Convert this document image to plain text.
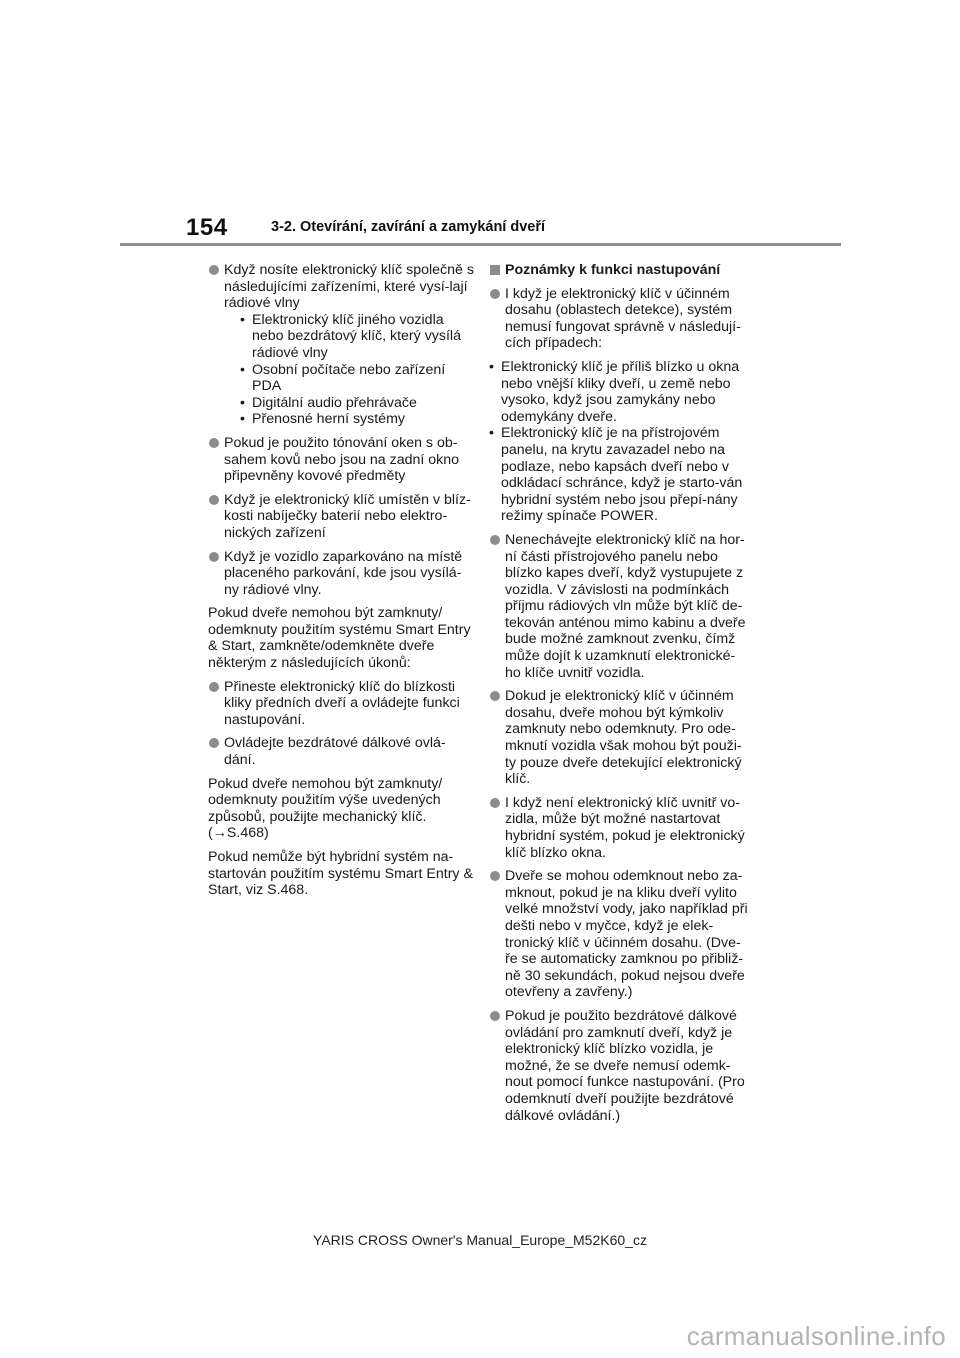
154	3-2. Otevírání, zavírání a zamykání dveří
Když nosíte elektronický klíč společně s následujícími zařízeními, které vysí-lají rádiové vlny
• Elektronický klíč jiného vozidla nebo bezdrátový klíč, který vysílá rádiové vlny
• Osobní počítače nebo zařízení PDA
• Digitální audio přehrávače
• Přenosné herní systémy
Pokud je použito tónování oken s ob-sahem kovů nebo jsou na zadní okno připevněny kovové předměty
Když je elektronický klíč umístěn v blíz-kosti nabíječky baterií nebo elektro-nických zařízení
Když je vozidlo zaparkováno na místě placeného parkování, kde jsou vysílá-ny rádiové vlny.
Pokud dveře nemohou být zamknuty/ odemknuty použitím systému Smart Entry & Start, zamkněte/odemkněte dveře některým z následujících úkonů:
Přineste elektronický klíč do blízkosti kliky předních dveří a ovládejte funkci nastupování.
Ovládejte bezdrátové dálkové ovlá-dání.
Pokud dveře nemohou být zamknuty/ odemknuty použitím výše uvedených způsobů, použijte mechanický klíč. (→S.468)
Pokud nemůže být hybridní systém na-startován použitím systému Smart Entry & Start, viz S.468.
Poznámky k funkci nastupování
I když je elektronický klíč v účinném dosahu (oblastech detekce), systém nemusí fungovat správně v následují-cích případech:
• Elektronický klíč je příliš blízko u okna nebo vnější kliky dveří, u země nebo vysoko, když jsou zamykány nebo odemykány dveře.
• Elektronický klíč je na přístrojovém panelu, na krytu zavazadel nebo na podlaze, nebo kapsách dveří nebo v odkládací schránce, když je starto-ván hybridní systém nebo jsou přepí-nány režimy spínače POWER.
Nenechávejte elektronický klíč na hor-ní části přístrojového panelu nebo blízko kapes dveří, když vystupujete z vozidla. V závislosti na podmínkách příjmu rádiových vln může být klíč de-tekován anténou mimo kabinu a dveře bude možné zamknout zvenku, čímž může dojít k uzamknutí elektronické-ho klíče uvnitř vozidla.
Dokud je elektronický klíč v účinném dosahu, dveře mohou být kýmkoliv zamknuty nebo odemknuty. Pro ode-mknutí vozidla však mohou být použi-ty pouze dveře detekující elektronický klíč.
I když není elektronický klíč uvnitř vo-zidla, může být možné nastartovat hybridní systém, pokud je elektronický klíč blízko okna.
Dveře se mohou odemknout nebo za-mknout, pokud je na kliku dveří vylito velké množství vody, jako například při dešti nebo v myčce, když je elek-tronický klíč v účinném dosahu. (Dve-ře se automaticky zamknou po přibliž-ně 30 sekundách, pokud nejsou dveře otevřeny a zavřeny.)
Pokud je použito bezdrátové dálkové ovládání pro zamknutí dveří, když je elektronický klíč blízko vozidla, je možné, že se dveře nemusí odemk-nout pomocí funkce nastupování. (Pro odemknutí dveří použijte bezdrátové dálkové ovládání.)
YARIS CROSS Owner's Manual_Europe_M52K60_cz
carmanualsonline.info
